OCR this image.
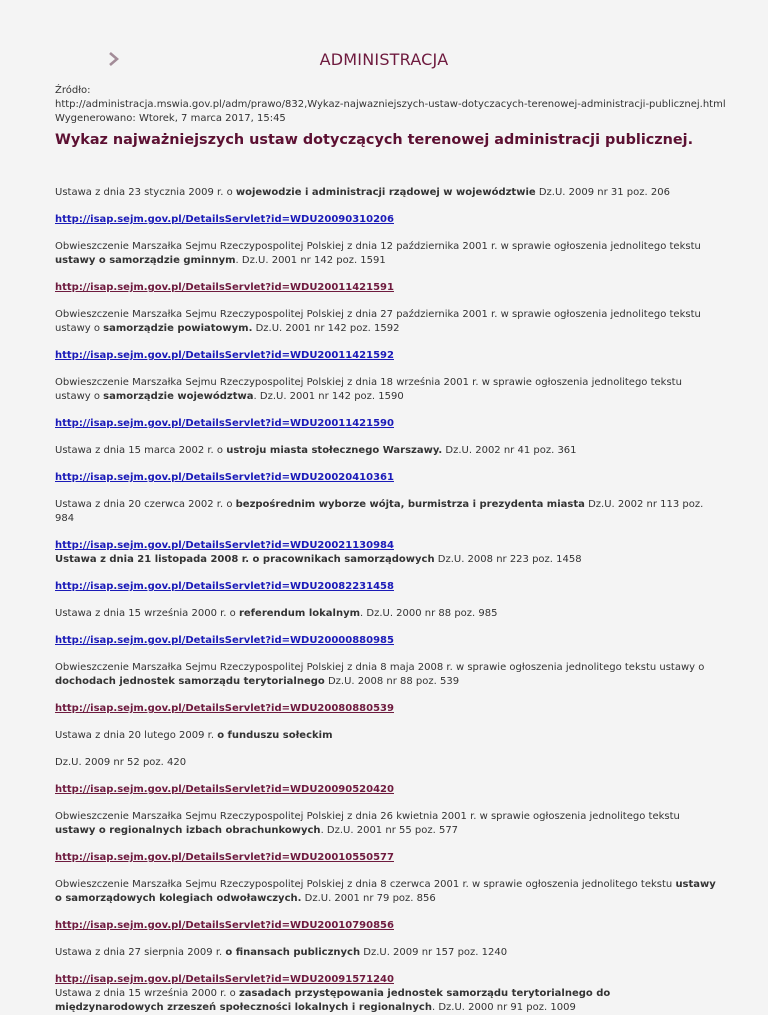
ADMINISTRACJA
Źródło:
http://administracja.mswia.gov.pl/adm/prawo/832,Wykaz-najwazniejszych-ustaw-dotyczacych-terenowej-administracji-publicznej.html
Wygenerowano: Wtorek, 7 marca 2017, 15:45
Wykaz najważniejszych ustaw dotyczących terenowej administracji publicznej.

Ustawa z dnia 23 stycznia 2009 r. o wojewodzie i administracji rządowej w województwie Dz.U. 2009 nr 31 poz. 206

http://isap.sejm.gov.pl/DetailsServlet?id=WDU20090310206

Obwieszczenie Marszałka Sejmu Rzeczypospolitej Polskiej z dnia 12 października 2001 r. w sprawie ogłoszenia jednolitego tekstu ustawy o samorządzie gminnym. Dz.U. 2001 nr 142 poz. 1591

http://isap.sejm.gov.pl/DetailsServlet?id=WDU20011421591

Obwieszczenie Marszałka Sejmu Rzeczypospolitej Polskiej z dnia 27 października 2001 r. w sprawie ogłoszenia jednolitego tekstu ustawy o samorządzie powiatowym. Dz.U. 2001 nr 142 poz. 1592

http://isap.sejm.gov.pl/DetailsServlet?id=WDU20011421592

Obwieszczenie Marszałka Sejmu Rzeczypospolitej Polskiej z dnia 18 września 2001 r. w sprawie ogłoszenia jednolitego tekstu ustawy o samorządzie województwa. Dz.U. 2001 nr 142 poz. 1590

http://isap.sejm.gov.pl/DetailsServlet?id=WDU20011421590

Ustawa z dnia 15 marca 2002 r. o ustroju miasta stołecznego Warszawy. Dz.U. 2002 nr 41 poz. 361

http://isap.sejm.gov.pl/DetailsServlet?id=WDU20020410361

Ustawa z dnia 20 czerwca 2002 r. o bezpośrednim wyborze wójta, burmistrza i prezydenta miasta Dz.U. 2002 nr 113 poz. 984

http://isap.sejm.gov.pl/DetailsServlet?id=WDU20021130984

Ustawa z dnia 21 listopada 2008 r. o pracownikach samorządowych Dz.U. 2008 nr 223 poz. 1458

http://isap.sejm.gov.pl/DetailsServlet?id=WDU20082231458

Ustawa z dnia 15 września 2000 r. o referendum lokalnym. Dz.U. 2000 nr 88 poz. 985

http://isap.sejm.gov.pl/DetailsServlet?id=WDU20000880985

Obwieszczenie Marszałka Sejmu Rzeczypospolitej Polskiej z dnia 8 maja 2008 r. w sprawie ogłoszenia jednolitego tekstu ustawy o dochodach jednostek samorządu terytorialnego Dz.U. 2008 nr 88 poz. 539

http://isap.sejm.gov.pl/DetailsServlet?id=WDU20080880539

Ustawa z dnia 20 lutego 2009 r. o funduszu sołeckim

Dz.U. 2009 nr 52 poz. 420

http://isap.sejm.gov.pl/DetailsServlet?id=WDU20090520420

Obwieszczenie Marszałka Sejmu Rzeczypospolitej Polskiej z dnia 26 kwietnia 2001 r. w sprawie ogłoszenia jednolitego tekstu ustawy o regionalnych izbach obrachunkowych. Dz.U. 2001 nr 55 poz. 577

http://isap.sejm.gov.pl/DetailsServlet?id=WDU20010550577

Obwieszczenie Marszałka Sejmu Rzeczypospolitej Polskiej z dnia 8 czerwca 2001 r. w sprawie ogłoszenia jednolitego tekstu ustawy o samorządowych kolegiach odwoławczych. Dz.U. 2001 nr 79 poz. 856

http://isap.sejm.gov.pl/DetailsServlet?id=WDU20010790856

Ustawa z dnia 27 sierpnia 2009 r. o finansach publicznych Dz.U. 2009 nr 157 poz. 1240

http://isap.sejm.gov.pl/DetailsServlet?id=WDU20091571240

Ustawa z dnia 15 września 2000 r. o zasadach przystępowania jednostek samorządu terytorialnego do międzynarodowych zrzeszeń społeczności lokalnych i regionalnych. Dz.U. 2000 nr 91 poz. 1009
